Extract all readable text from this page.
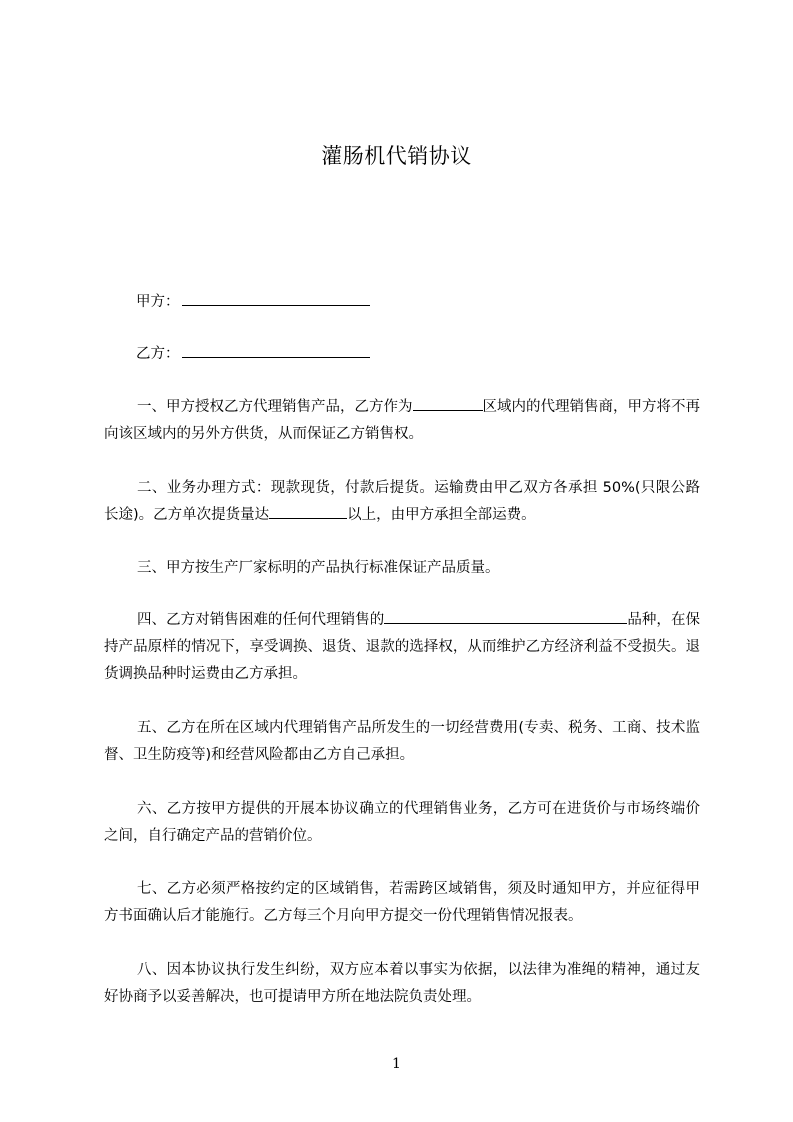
灌肠机代销协议
甲方：
乙方：
一、甲方授权乙方代理销售产品，乙方作为	区域内的代理销售商，甲方将不再向该区域内的另外方供货，从而保证乙方销售权。
二、业务办理方式：现款现货，付款后提货。运输费由甲乙双方各承担 50%(只限公路长途)。乙方单次提货量达	以上，由甲方承担全部运费。
三、甲方按生产厂家标明的产品执行标准保证产品质量。
四、乙方对销售困难的任何代理销售的	品种，在保持产品原样的情况下，享受调换、退货、退款的选择权，从而维护乙方经济利益不受损失。退货调换品种时运费由乙方承担。
五、乙方在所在区域内代理销售产品所发生的一切经营费用(专卖、税务、工商、技术监督、卫生防疫等)和经营风险都由乙方自己承担。
六、乙方按甲方提供的开展本协议确立的代理销售业务，乙方可在进货价与市场终端价之间，自行确定产品的营销价位。
七、乙方必须严格按约定的区域销售，若需跨区域销售，须及时通知甲方，并应征得甲方书面确认后才能施行。乙方每三个月向甲方提交一份代理销售情况报表。
八、因本协议执行发生纠纷，双方应本着以事实为依据，以法律为准绳的精神，通过友好协商予以妥善解决，也可提请甲方所在地法院负责处理。
1
